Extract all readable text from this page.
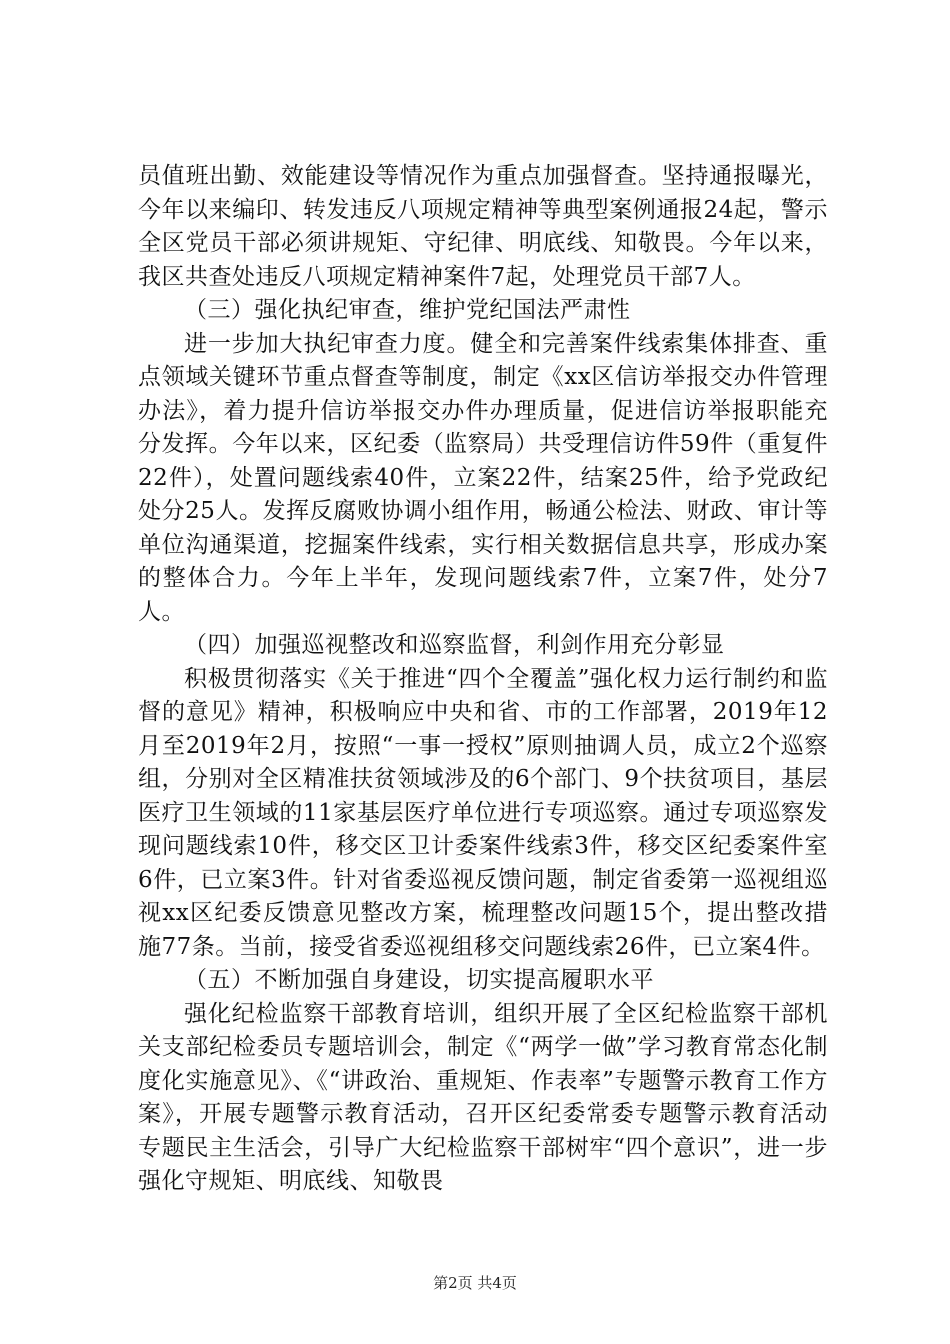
员值班出勤、效能建设等情况作为重点加强督查。坚持通报曝光，今年以来编印、转发违反八项规定精神等典型案例通报24起，警示全区党员干部必须讲规矩、守纪律、明底线、知敬畏。今年以来，我区共查处违反八项规定精神案件7起，处理党员干部7人。

（三）强化执纪审查，维护党纪国法严肃性

进一步加大执纪审查力度。健全和完善案件线索集体排查、重点领域关键环节重点督查等制度，制定《xx区信访举报交办件管理办法》，着力提升信访举报交办件办理质量，促进信访举报职能充分发挥。今年以来，区纪委（监察局）共受理信访件59件（重复件22件），处置问题线索40件，立案22件，结案25件，给予党政纪处分25人。发挥反腐败协调小组作用，畅通公检法、财政、审计等单位沟通渠道，挖掘案件线索，实行相关数据信息共享，形成办案的整体合力。今年上半年，发现问题线索7件，立案7件，处分7人。

（四）加强巡视整改和巡察监督，利剑作用充分彰显

积极贯彻落实《关于推进“四个全覆盖”强化权力运行制约和监督的意见》精神，积极响应中央和省、市的工作部署，2019年12月至2019年2月，按照“一事一授权”原则抽调人员，成立2个巡察组，分别对全区精准扶贫领域涉及的6个部门、9个扶贫项目，基层医疗卫生领域的11家基层医疗单位进行专项巡察。通过专项巡察发现问题线索10件，移交区卫计委案件线索3件，移交区纪委案件室6件，已立案3件。针对省委巡视反馈问题，制定省委第一巡视组巡视xx区纪委反馈意见整改方案，梳理整改问题15个，提出整改措施77条。当前，接受省委巡视组移交问题线索26件，已立案4件。

（五）不断加强自身建设，切实提高履职水平

强化纪检监察干部教育培训，组织开展了全区纪检监察干部机关支部纪检委员专题培训会，制定《“两学一做”学习教育常态化制度化实施意见》、《“讲政治、重规矩、作表率”专题警示教育工作方案》，开展专题警示教育活动，召开区纪委常委专题警示教育活动专题民主生活会，引导广大纪检监察干部树牢“四个意识”，进一步强化守规矩、明底线、知敬畏

第2页 共4页
